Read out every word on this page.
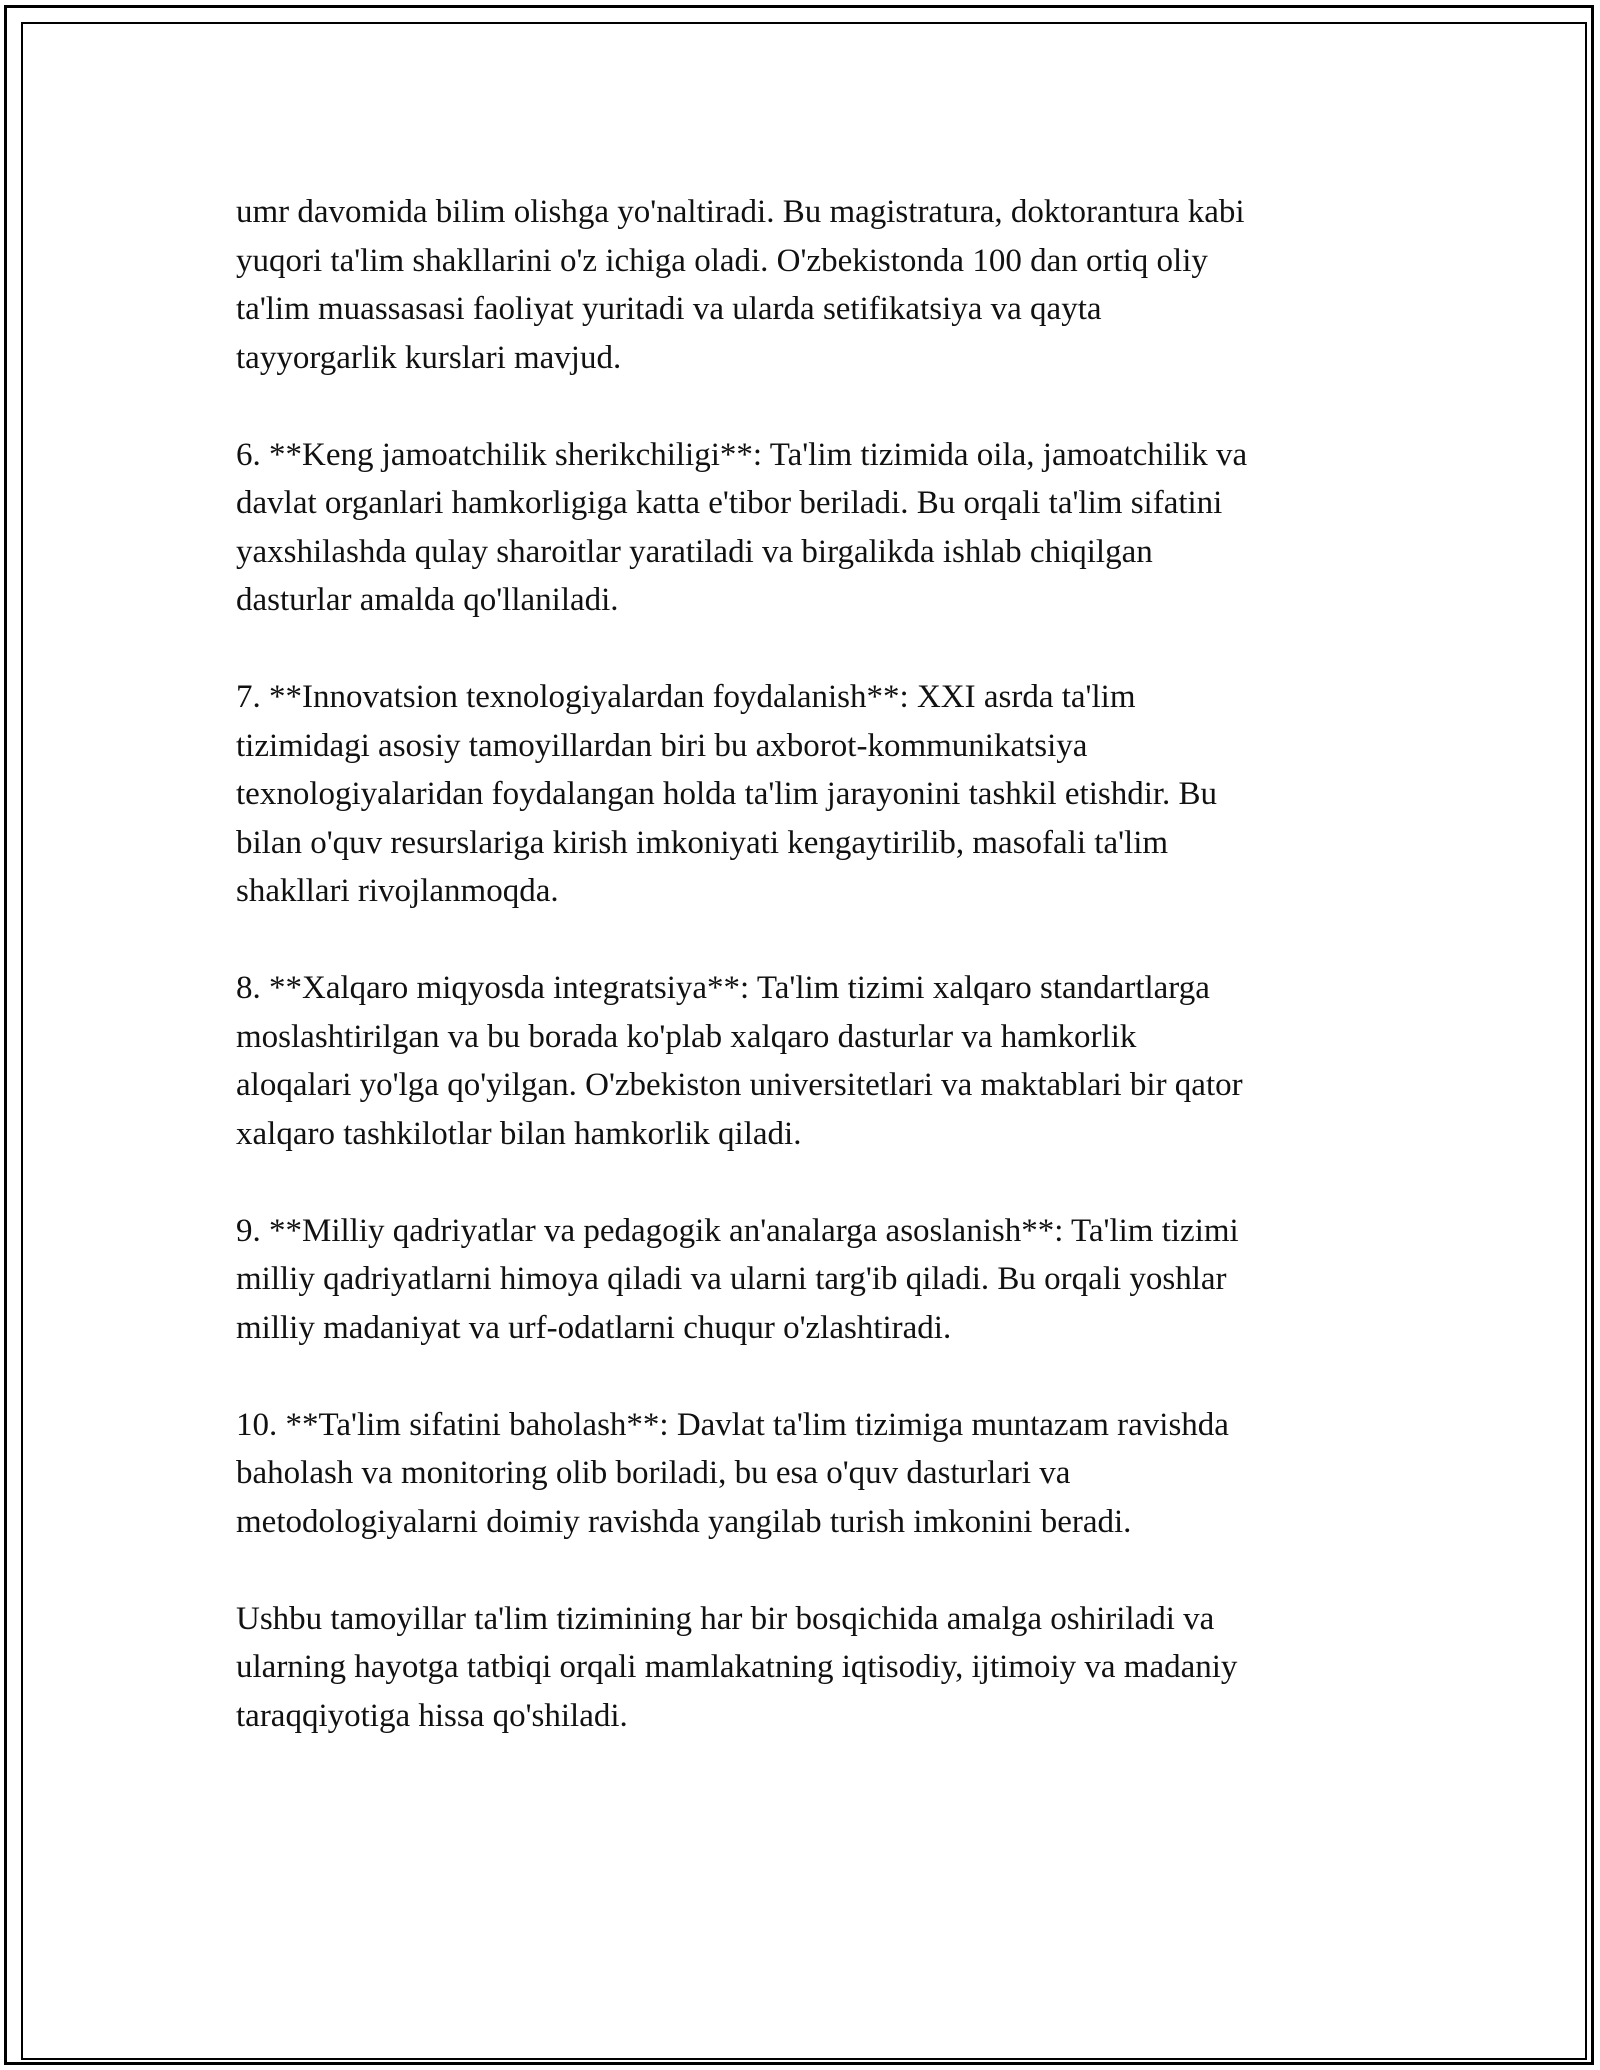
umr davomida bilim olishga yo'naltiradi. Bu magistratura, doktorantura kabi
yuqori ta'lim shakllarini o'z ichiga oladi. O'zbekistonda 100 dan ortiq oliy
ta'lim muassasasi faoliyat yuritadi va ularda setifikatsiya va qayta
tayyorgarlik kurslari mavjud.

6. **Keng jamoatchilik sherikchiligi**: Ta'lim tizimida oila, jamoatchilik va
davlat organlari hamkorligiga katta e'tibor beriladi. Bu orqali ta'lim sifatini
yaxshilashda qulay sharoitlar yaratiladi va birgalikda ishlab chiqilgan
dasturlar amalda qo'llaniladi.

7. **Innovatsion texnologiyalardan foydalanish**: XXI asrda ta'lim
tizimidagi asosiy tamoyillardan biri bu axborot-kommunikatsiya
texnologiyalaridan foydalangan holda ta'lim jarayonini tashkil etishdir. Bu
bilan o'quv resurslariga kirish imkoniyati kengaytirilib, masofali ta'lim
shakllari rivojlanmoqda.

8. **Xalqaro miqyosda integratsiya**: Ta'lim tizimi xalqaro standartlarga
moslashtirilgan va bu borada ko'plab xalqaro dasturlar va hamkorlik
aloqalari yo'lga qo'yilgan. O'zbekiston universitetlari va maktablari bir qator
xalqaro tashkilotlar bilan hamkorlik qiladi.

9. **Milliy qadriyatlar va pedagogik an'analarga asoslanish**: Ta'lim tizimi
milliy qadriyatlarni himoya qiladi va ularni targ'ib qiladi. Bu orqali yoshlar
milliy madaniyat va urf-odatlarni chuqur o'zlashtiradi.

10. **Ta'lim sifatini baholash**: Davlat ta'lim tizimiga muntazam ravishda
baholash va monitoring olib boriladi, bu esa o'quv dasturlari va
metodologiyalarni doimiy ravishda yangilab turish imkonini beradi.

Ushbu tamoyillar ta'lim tizimining har bir bosqichida amalga oshiriladi va
ularning hayotga tatbiqi orqali mamlakatning iqtisodiy, ijtimoiy va madaniy
taraqqiyotiga hissa qo'shiladi.
